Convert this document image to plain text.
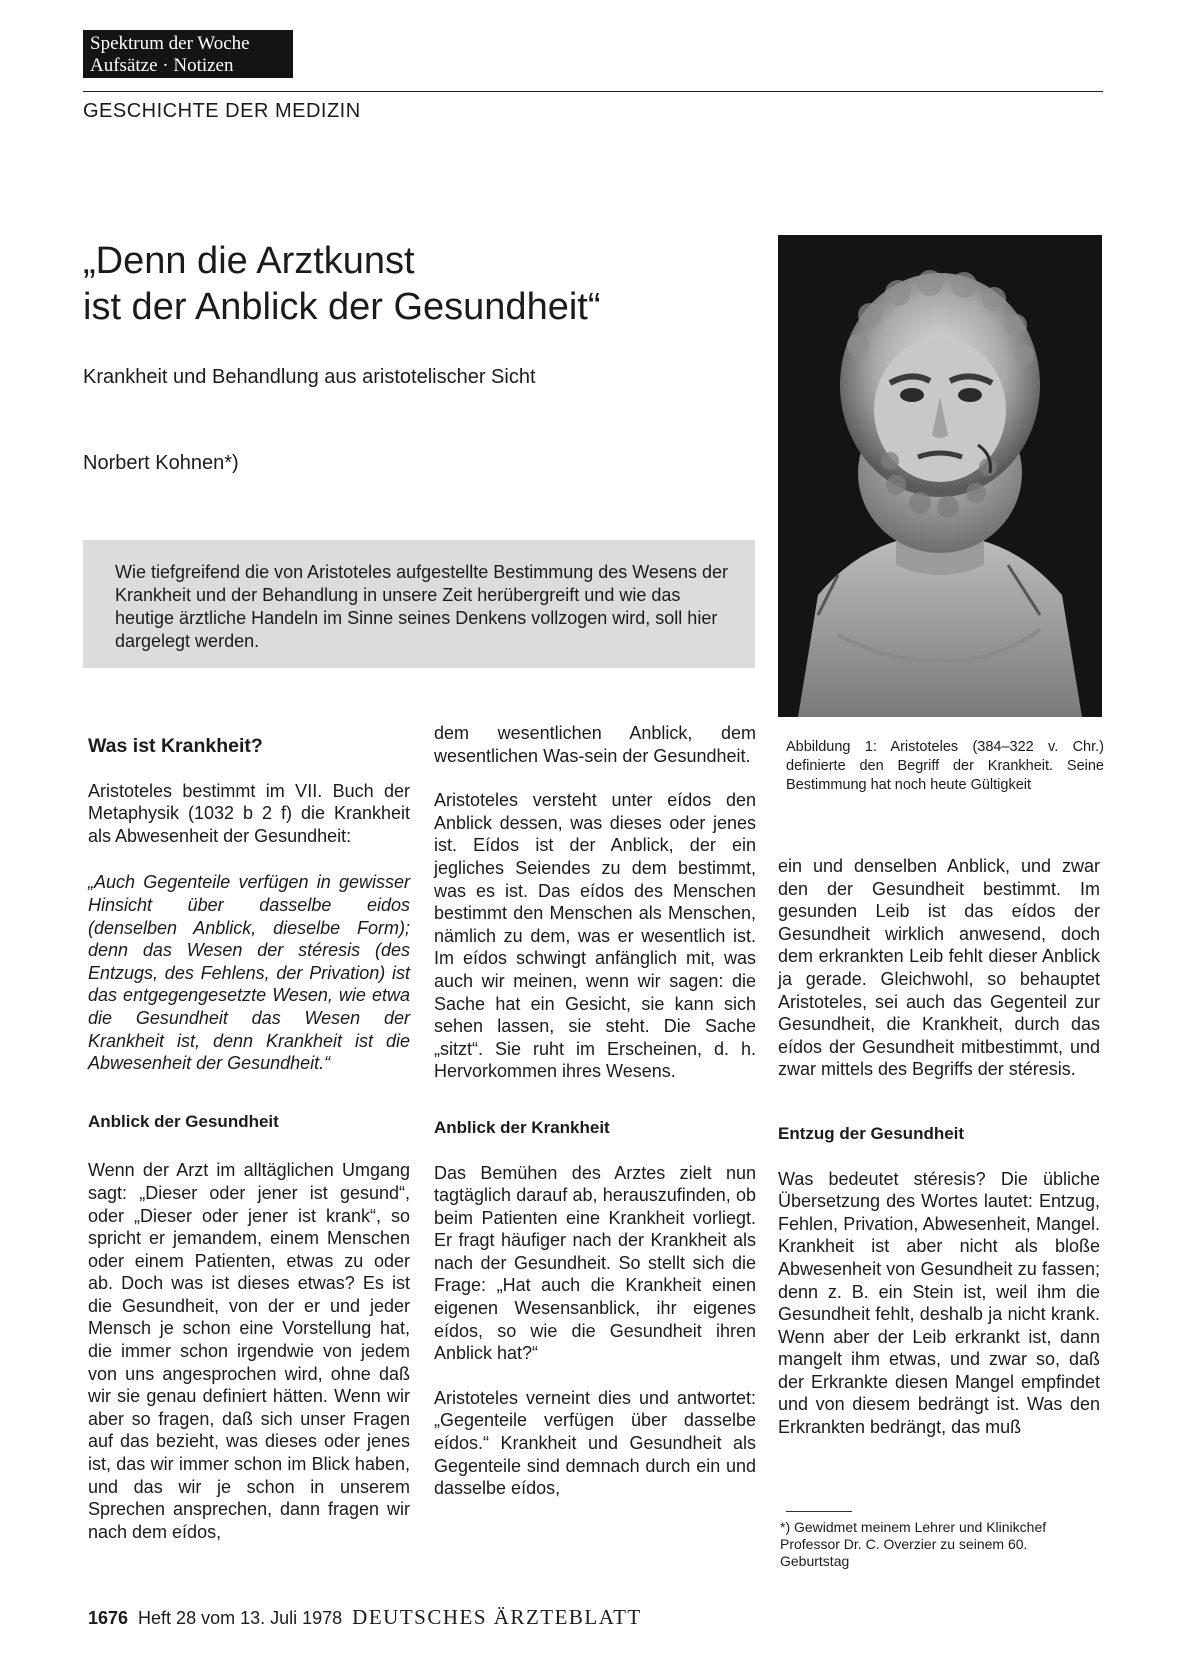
Spektrum der Woche
Aufsätze · Notizen
GESCHICHTE DER MEDIZIN
„Denn die Arztkunst
ist der Anblick der Gesundheit“
Krankheit und Behandlung aus aristotelischer Sicht
Norbert Kohnen*)
Wie tiefgreifend die von Aristoteles aufgestellte Bestimmung des Wesens der Krankheit und der Behandlung in unsere Zeit herübergreift und wie das heutige ärztliche Handeln im Sinne seines Denkens vollzogen wird, soll hier dargelegt werden.
Abbildung 1: Aristoteles (384–322 v. Chr.) definierte den Begriff der Krankheit. Seine Bestimmung hat noch heute Gültigkeit
Was ist Krankheit?

Aristoteles bestimmt im VII. Buch der Metaphysik (1032 b 2 f) die Krankheit als Abwesenheit der Gesundheit:

„Auch Gegenteile verfügen in gewisser Hinsicht über dasselbe eidos (denselben Anblick, dieselbe Form); denn das Wesen der stéresis (des Entzugs, des Fehlens, der Privation) ist das entgegengesetzte Wesen, wie etwa die Gesundheit das Wesen der Krankheit ist, denn Krankheit ist die Abwesenheit der Gesundheit.“

Anblick der Gesundheit

Wenn der Arzt im alltäglichen Umgang sagt: „Dieser oder jener ist gesund“, oder „Dieser oder jener ist krank“, so spricht er jemandem, einem Menschen oder einem Patienten, etwas zu oder ab. Doch was ist dieses etwas? Es ist die Gesundheit, von der er und jeder Mensch je schon eine Vorstellung hat, die immer schon irgendwie von jedem von uns angesprochen wird, ohne daß wir sie genau definiert hätten. Wenn wir aber so fragen, daß sich unser Fragen auf das bezieht, was dieses oder jenes ist, das wir immer schon im Blick haben, und das wir je schon in unserem Sprechen ansprechen, dann fragen wir nach dem eídos,

dem wesentlichen Anblick, dem wesentlichen Was-sein der Gesundheit.

Aristoteles versteht unter eídos den Anblick dessen, was dieses oder jenes ist. Eídos ist der Anblick, der ein jegliches Seiendes zu dem bestimmt, was es ist. Das eídos des Menschen bestimmt den Menschen als Menschen, nämlich zu dem, was er wesentlich ist. Im eídos schwingt anfänglich mit, was auch wir meinen, wenn wir sagen: die Sache hat ein Gesicht, sie kann sich sehen lassen, sie steht. Die Sache „sitzt“. Sie ruht im Erscheinen, d. h. Hervorkommen ihres Wesens.

Anblick der Krankheit

Das Bemühen des Arztes zielt nun tagtäglich darauf ab, herauszufinden, ob beim Patienten eine Krankheit vorliegt. Er fragt häufiger nach der Krankheit als nach der Gesundheit. So stellt sich die Frage: „Hat auch die Krankheit einen eigenen Wesensanblick, ihr eigenes eídos, so wie die Gesundheit ihren Anblick hat?“

Aristoteles verneint dies und antwortet: „Gegenteile verfügen über dasselbe eídos.“ Krankheit und Gesundheit als Gegenteile sind demnach durch ein und dasselbe eídos,

ein und denselben Anblick, und zwar den der Gesundheit bestimmt. Im gesunden Leib ist das eídos der Gesundheit wirklich anwesend, doch dem erkrankten Leib fehlt dieser Anblick ja gerade. Gleichwohl, so behauptet Aristoteles, sei auch das Gegenteil zur Gesundheit, die Krankheit, durch das eídos der Gesundheit mitbestimmt, und zwar mittels des Begriffs der stéresis.

Entzug der Gesundheit

Was bedeutet stéresis? Die übliche Übersetzung des Wortes lautet: Entzug, Fehlen, Privation, Abwesenheit, Mangel. Krankheit ist aber nicht als bloße Abwesenheit von Gesundheit zu fassen; denn z. B. ein Stein ist, weil ihm die Gesundheit fehlt, deshalb ja nicht krank. Wenn aber der Leib erkrankt ist, dann mangelt ihm etwas, und zwar so, daß der Erkrankte diesen Mangel empfindet und von diesem bedrängt ist. Was den Erkrankten bedrängt, das muß

*) Gewidmet meinem Lehrer und Klinikchef Professor Dr. C. Overzier zu seinem 60. Geburtstag

1676 Heft 28 vom 13. Juli 1978 DEUTSCHES ÄRZTEBLATT
